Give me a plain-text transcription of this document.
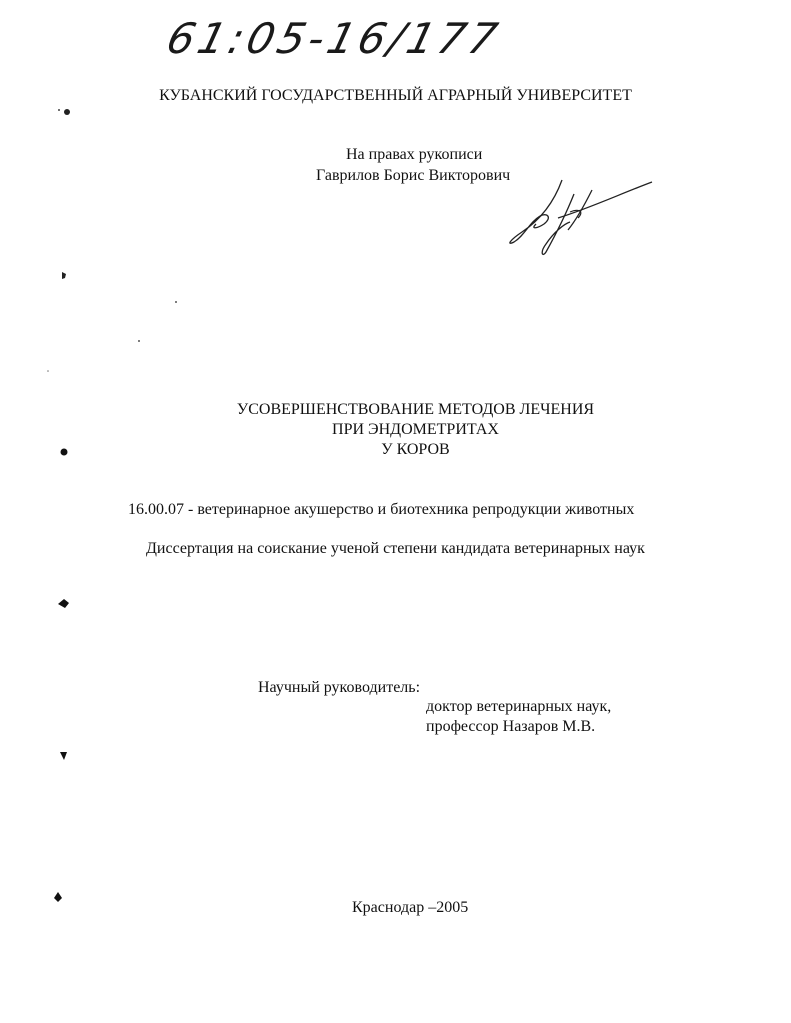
61:05-16/177
КУБАНСКИЙ ГОСУДАРСТВЕННЫЙ АГРАРНЫЙ УНИВЕРСИТЕТ
На правах рукописи
Гаврилов Борис Викторович
УСОВЕРШЕНСТВОВАНИЕ МЕТОДОВ ЛЕЧЕНИЯ
ПРИ ЭНДОМЕТРИТАХ
У КОРОВ
16.00.07 - ветеринарное акушерство и биотехника репродукции животных
Диссертация на соискание ученой степени кандидата ветеринарных наук
Научный руководитель:
доктор ветеринарных наук,
профессор Назаров М.В.
Краснодар –2005
